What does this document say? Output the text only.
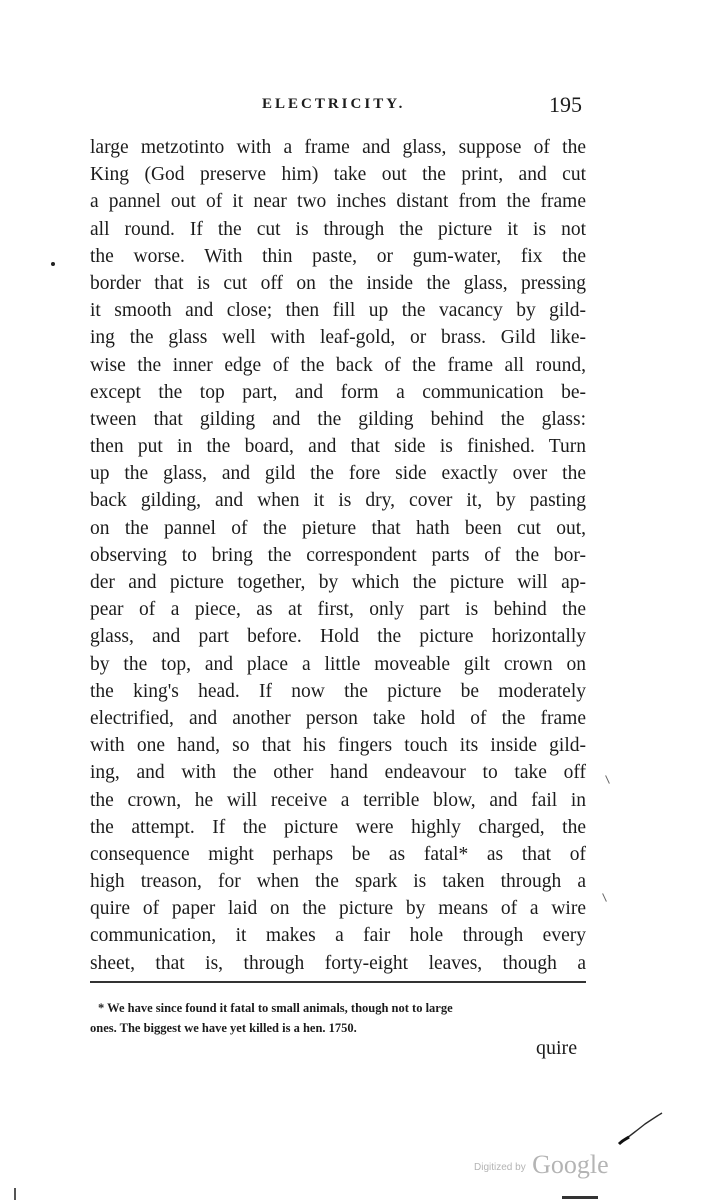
ELECTRICITY.	195
large metzotinto with a frame and glass, suppose of the
King (God preserve him) take out the print, and cut
a pannel out of it near two inches distant from the frame
all round. If the cut is through the picture it is not
the worse. With thin paste, or gum-water, fix the
border that is cut off on the inside the glass, pressing
it smooth and close; then fill up the vacancy by gild-
ing the glass well with leaf-gold, or brass. Gild like-
wise the inner edge of the back of the frame all round,
except the top part, and form a communication be-
tween that gilding and the gilding behind the glass:
then put in the board, and that side is finished. Turn
up the glass, and gild the fore side exactly over the
back gilding, and when it is dry, cover it, by pasting
on the pannel of the pieture that hath been cut out,
observing to bring the correspondent parts of the bor-
der and picture together, by which the picture will ap-
pear of a piece, as at first, only part is behind the
glass, and part before. Hold the picture horizontally
by the top, and place a little moveable gilt crown on
the king's head. If now the picture be moderately
electrified, and another person take hold of the frame
with one hand, so that his fingers touch its inside gild-
ing, and with the other hand endeavour to take off
the crown, he will receive a terrible blow, and fail in
the attempt. If the picture were highly charged, the
consequence might perhaps be as fatal* as that of
high treason, for when the spark is taken through a
quire of paper laid on the picture by means of a wire
communication, it makes a fair hole through every
sheet, that is, through forty-eight leaves, though a
* We have since found it fatal to small animals, though not to large
ones. The biggest we have yet killed is a hen. 1750.
quire
Digitized by Google
